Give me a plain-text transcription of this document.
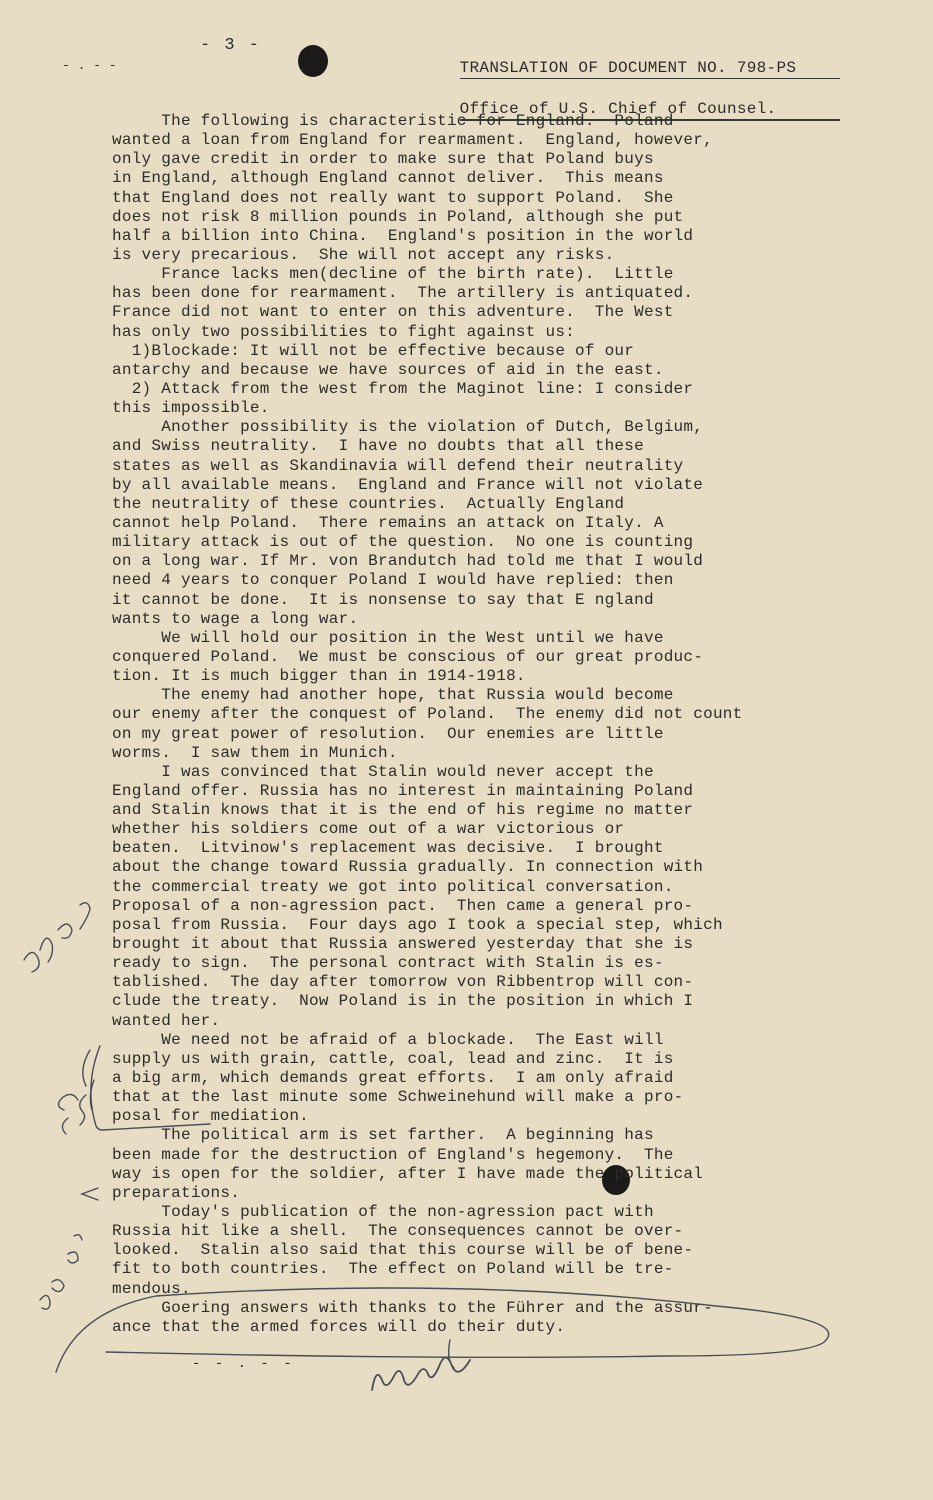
- 3 -
- . - -	TRANSLATION OF DOCUMENT NO. 798-PS

Office of U.S. Chief of Counsel.

The following is characteristic for England.  Poland
wanted a loan from England for rearmament.  England, however,
only gave credit in order to make sure that Poland buys
in England, although England cannot deliver.  This means
that England does not really want to support Poland.  She
does not risk 8 million pounds in Poland, although she put
half a billion into China.  England's position in the world
is very precarious.  She will not accept any risks.
France lacks men(decline of the birth rate).  Little
has been done for rearmament.  The artillery is antiquated.
France did not want to enter on this adventure.  The West
has only two possibilities to fight against us:
1)Blockade: It will not be effective because of our
antarchy and because we have sources of aid in the east.
2) Attack from the west from the Maginot line: I consider
this impossible.
Another possibility is the violation of Dutch, Belgium,
and Swiss neutrality.  I have no doubts that all these
states as well as Skandinavia will defend their neutrality
by all available means.  England and France will not violate
the neutrality of these countries.  Actually England
cannot help Poland.  There remains an attack on Italy. A
military attack is out of the question.  No one is counting
on a long war. If Mr. von Brandutch had told me that I would
need 4 years to conquer Poland I would have replied: then
it cannot be done.  It is nonsense to say that E ngland
wants to wage a long war.
We will hold our position in the West until we have
conquered Poland.  We must be conscious of our great produc-
tion. It is much bigger than in 1914-1918.
The enemy had another hope, that Russia would become
our enemy after the conquest of Poland.  The enemy did not count
on my great power of resolution.  Our enemies are little
worms.  I saw them in Munich.
I was convinced that Stalin would never accept the
England offer. Russia has no interest in maintaining Poland
and Stalin knows that it is the end of his regime no matter
whether his soldiers come out of a war victorious or
beaten.  Litvinow's replacement was decisive.  I brought
about the change toward Russia gradually. In connection with
the commercial treaty we got into political conversation.
Proposal of a non-agression pact.  Then came a general pro-
posal from Russia.  Four days ago I took a special step, which
brought it about that Russia answered yesterday that she is
ready to sign.  The personal contract with Stalin is es-
tablished.  The day after tomorrow von Ribbentrop will con-
clude the treaty.  Now Poland is in the position in which I
wanted her.
We need not be afraid of a blockade.  The East will
supply us with grain, cattle, coal, lead and zinc.  It is
a big arm, which demands great efforts.  I am only afraid
that at the last minute some Schweinehund will make a pro-
posal for mediation.
The political arm is set farther.  A beginning has
been made for the destruction of England's hegemony.  The
way is open for the soldier, after I have made the political
preparations.
Today's publication of the non-agression pact with
Russia hit like a shell.  The consequences cannot be over-
looked.  Stalin also said that this course will be of bene-
fit to both countries.  The effect on Poland will be tre-
mendous.
Goering answers with thanks to the Führer and the assur-
ance that the armed forces will do their duty.
- - . - -
